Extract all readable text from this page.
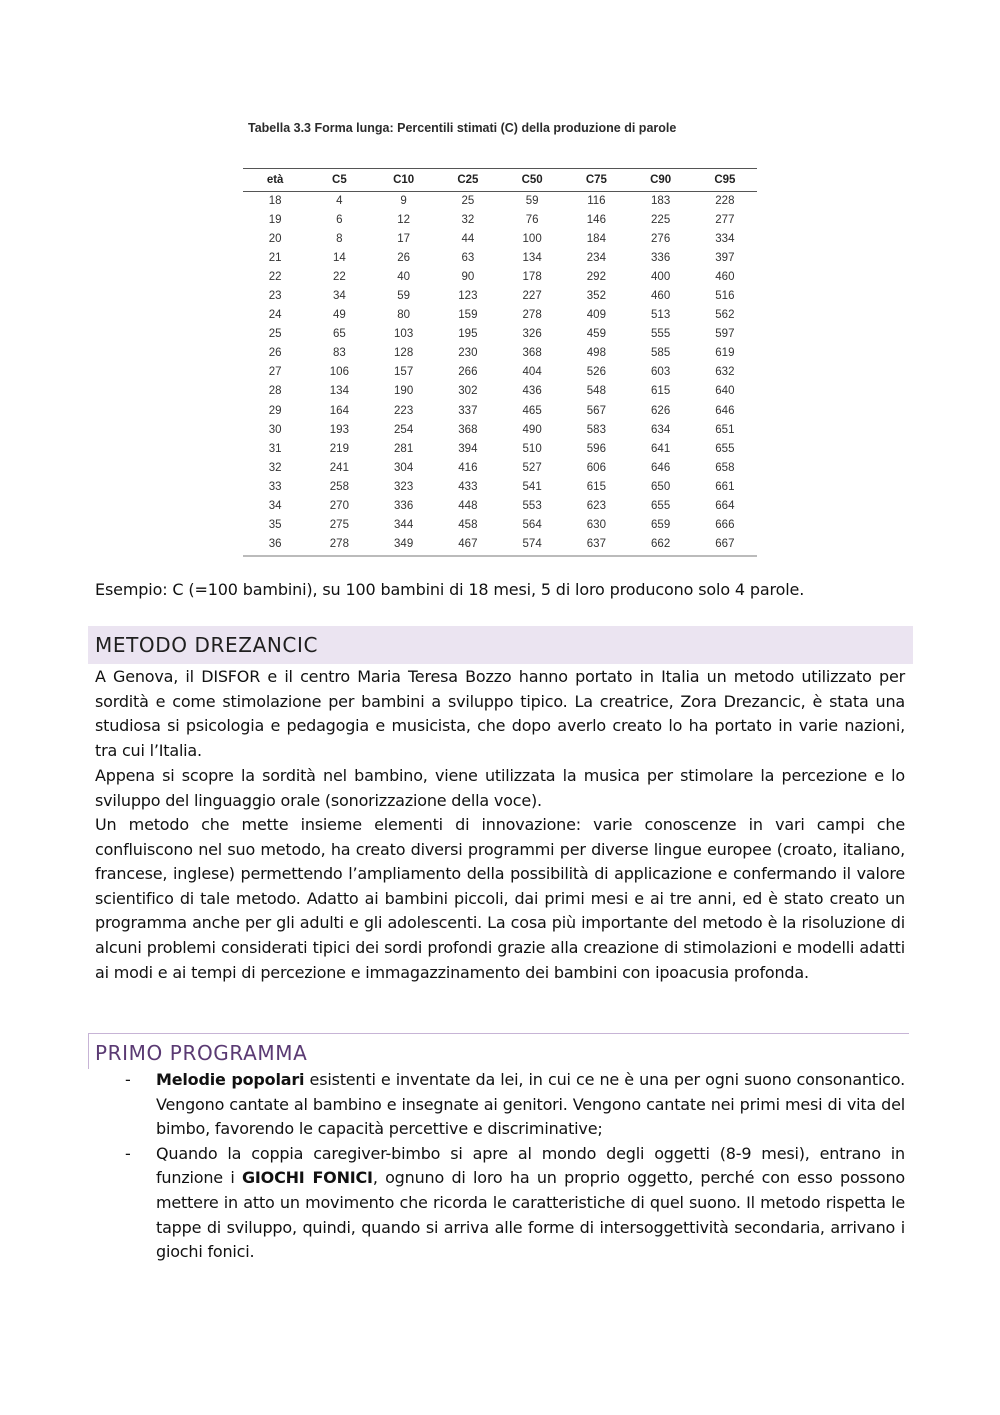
Tabella 3.3 Forma lunga: Percentili stimati (C) della produzione di parole
età	C5	C10	C25	C50	C75	C90	C95
18	4	9	25	59	116	183	228
19	6	12	32	76	146	225	277
20	8	17	44	100	184	276	334
21	14	26	63	134	234	336	397
22	22	40	90	178	292	400	460
23	34	59	123	227	352	460	516
24	49	80	159	278	409	513	562
25	65	103	195	326	459	555	597
26	83	128	230	368	498	585	619
27	106	157	266	404	526	603	632
28	134	190	302	436	548	615	640
29	164	223	337	465	567	626	646
30	193	254	368	490	583	634	651
31	219	281	394	510	596	641	655
32	241	304	416	527	606	646	658
33	258	323	433	541	615	650	661
34	270	336	448	553	623	655	664
35	275	344	458	564	630	659	666
36	278	349	467	574	637	662	667
Esempio: C (=100 bambini), su 100 bambini di 18 mesi, 5 di loro producono solo 4 parole.
METODO DREZANCIC

A Genova, il DISFOR e il centro Maria Teresa Bozzo hanno portato in Italia un metodo utilizzato per sordità e come stimolazione per bambini a sviluppo tipico. La creatrice, Zora Drezancic, è stata una studiosa si psicologia e pedagogia e musicista, che dopo averlo creato lo ha portato in varie nazioni, tra cui l’Italia.

Appena si scopre la sordità nel bambino, viene utilizzata la musica per stimolare la percezione e lo sviluppo del linguaggio orale (sonorizzazione della voce).

Un metodo che mette insieme elementi di innovazione: varie conoscenze in vari campi che confluiscono nel suo metodo, ha creato diversi programmi per diverse lingue europee (croato, italiano, francese, inglese) permettendo l’ampliamento della possibilità di applicazione e confermando il valore scientifico di tale metodo. Adatto ai bambini piccoli, dai primi mesi e ai tre anni, ed è stato creato un programma anche per gli adulti e gli adolescenti. La cosa più importante del metodo è la risoluzione di alcuni problemi considerati tipici dei sordi profondi grazie alla creazione di stimolazioni e modelli adatti ai modi e ai tempi di percezione e immagazzinamento dei bambini con ipoacusia profonda.

PRIMO PROGRAMMA
- Melodie popolari esistenti e inventate da lei, in cui ce ne è una per ogni suono consonantico. Vengono cantate al bambino e insegnate ai genitori. Vengono cantate nei primi mesi di vita del bimbo, favorendo le capacità percettive e discriminative;
- Quando la coppia caregiver-bimbo si apre al mondo degli oggetti (8-9 mesi), entrano in funzione i GIOCHI FONICI, ognuno di loro ha un proprio oggetto, perché con esso possono mettere in atto un movimento che ricorda le caratteristiche di quel suono. Il metodo rispetta le tappe di sviluppo, quindi, quando si arriva alle forme di intersoggettività secondaria, arrivano i giochi fonici.
